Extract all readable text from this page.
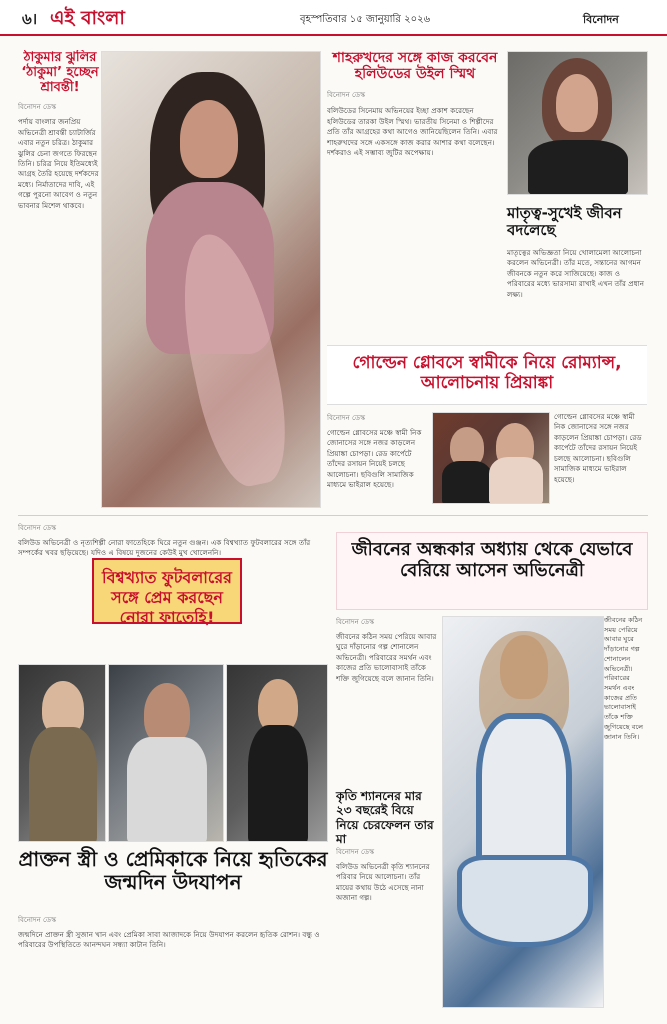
৬। এই বাংলা	বৃহস্পতিবার ১৫ জানুয়ারি ২০২৬	বিনোদন
ঠাকুমার ঝুলির ‘ঠাকুমা’ হচ্ছেন শ্রাবন্তী!
বিনোদন ডেস্ক
পর্দায় বাংলার জনপ্রিয় অভিনেত্রী শ্রাবন্তী চ্যাটার্জির এবার নতুন চরিত্র। ঠাকুমার ঝুলির চেনা জগতে ফিরছেন তিনি। চরিত্র নিয়ে ইতিমধ্যেই আগ্রহ তৈরি হয়েছে দর্শকদের মধ্যে। নির্মাতাদের দাবি, এই গল্পে পুরনো আবেগ ও নতুন ভাবনার মিশেল থাকবে।
শাহরুখদের সঙ্গে কাজ করবেন হলিউডের উইল স্মিথ
বিনোদন ডেস্ক
বলিউডের সিনেমায় অভিনয়ের ইচ্ছা প্রকাশ করেছেন হলিউডের তারকা উইল স্মিথ। ভারতীয় সিনেমা ও শিল্পীদের প্রতি তাঁর আগ্রহের কথা আগেও জানিয়েছিলেন তিনি। এবার শাহরুখদের সঙ্গে একসঙ্গে কাজ করার আশার কথা বলেছেন। দর্শকরাও এই সম্ভাব্য জুটির অপেক্ষায়।
মাতৃত্ব-সুখেই জীবন বদলেছে
মাতৃত্বের অভিজ্ঞতা নিয়ে খোলামেলা আলোচনা করলেন অভিনেত্রী। তাঁর মতে, সন্তানের আগমন জীবনকে নতুন করে সাজিয়েছে। কাজ ও পরিবারের মধ্যে ভারসাম্য রাখাই এখন তাঁর প্রধান লক্ষ্য।
গোল্ডেন গ্লোবসে স্বামীকে নিয়ে রোম্যান্স, আলোচনায় প্রিয়াঙ্কা
বিনোদন ডেস্ক
গোল্ডেন গ্লোবসের মঞ্চে স্বামী নিক জোনাসের সঙ্গে নজর কাড়লেন প্রিয়াঙ্কা চোপড়া। রেড কার্পেটে তাঁদের রসায়ন নিয়েই চলছে আলোচনা। ছবিগুলি সামাজিক মাধ্যমে ভাইরাল হয়েছে।
গোল্ডেন গ্লোবসের মঞ্চে স্বামী নিক জোনাসের সঙ্গে নজর কাড়লেন প্রিয়াঙ্কা চোপড়া। রেড কার্পেটে তাঁদের রসায়ন নিয়েই চলছে আলোচনা। ছবিগুলি সামাজিক মাধ্যমে ভাইরাল হয়েছে।
বিনোদন ডেস্ক
বলিউড অভিনেত্রী ও নৃত্যশিল্পী নোরা ফাতেহিকে ঘিরে নতুন গুঞ্জন। এক বিশ্বখ্যাত ফুটবলারের সঙ্গে তাঁর সম্পর্কের খবর ছড়িয়েছে। যদিও এ বিষয়ে দুজনের কেউই মুখ খোলেননি।
বিশ্বখ্যাত ফুটবলারের সঙ্গে প্রেম করছেন নোরা ফাতেহি!
প্রাক্তন স্ত্রী ও প্রেমিকাকে নিয়ে হৃতিকের জন্মদিন উদযাপন
বিনোদন ডেস্ক
জন্মদিনে প্রাক্তন স্ত্রী সুজান খান এবং প্রেমিকা সাবা আজাদকে নিয়ে উদযাপন করলেন হৃতিক রোশন। বন্ধু ও পরিবারের উপস্থিতিতে আনন্দঘন সন্ধ্যা কাটান তিনি।
জীবনের অন্ধকার অধ্যায় থেকে যেভাবে বেরিয়ে আসেন অভিনেত্রী
বিনোদন ডেস্ক
জীবনের কঠিন সময় পেরিয়ে আবার ঘুরে দাঁড়ানোর গল্প শোনালেন অভিনেত্রী। পরিবারের সমর্থন এবং কাজের প্রতি ভালোবাসাই তাঁকে শক্তি জুগিয়েছে বলে জানান তিনি।
জীবনের কঠিন সময় পেরিয়ে আবার ঘুরে দাঁড়ানোর গল্প শোনালেন অভিনেত্রী। পরিবারের সমর্থন এবং কাজের প্রতি ভালোবাসাই তাঁকে শক্তি জুগিয়েছে বলে জানান তিনি।
কৃতি শ্যাননের মার ২৩ বছরেই বিয়ে নিয়ে চেরফেলন তার মা
বিনোদন ডেস্ক
বলিউড অভিনেত্রী কৃতি শ্যাননের পরিবার নিয়ে আলোচনা। তাঁর মায়ের কথায় উঠে এসেছে নানা অজানা গল্প।
